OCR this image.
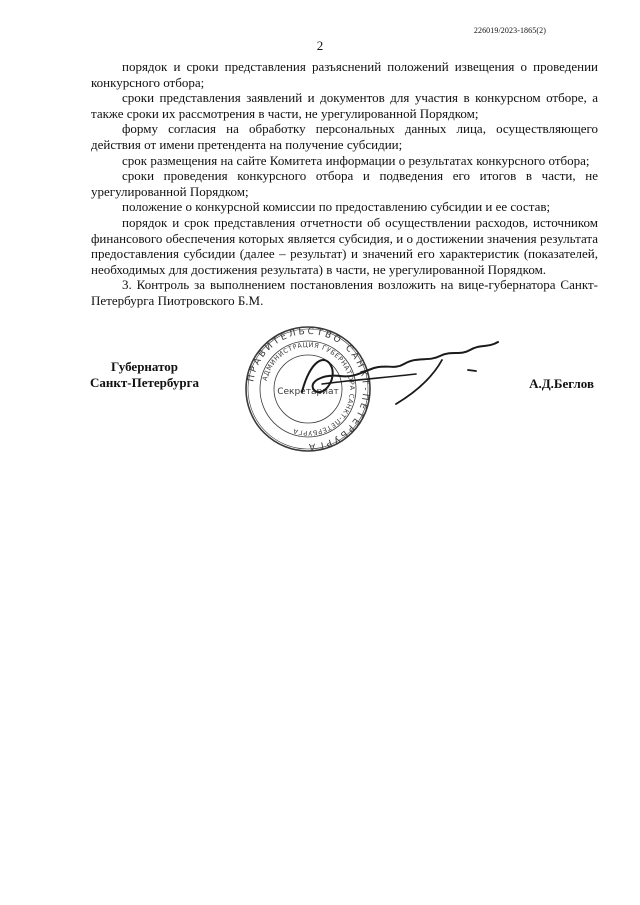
226019/2023-1865(2)
2

порядок и сроки представления разъяснений положений извещения о проведении конкурсного отбора;

сроки представления заявлений и документов для участия в конкурсном отборе, а также сроки их рассмотрения в части, не урегулированной Порядком;

форму согласия на обработку персональных данных лица, осуществляющего действия от имени претендента на получение субсидии;

срок размещения на сайте Комитета информации о результатах конкурсного отбора;

сроки проведения конкурсного отбора и подведения его итогов в части, не урегулированной Порядком;

положение о конкурсной комиссии по предоставлению субсидии и ее состав;

порядок и срок представления отчетности об осуществлении расходов, источником финансового обеспечения которых является субсидия, и о достижении значения результата предоставления субсидии (далее – результат) и значений его характеристик (показателей, необходимых для достижения результата) в части, не урегулированной Порядком.

3. Контроль за выполнением постановления возложить на вице-губернатора Санкт-Петербурга Пиотровского Б.М.

Губернатор
Санкт-Петербурга	ПРАВИТЕЛЬСТВО САНКТ-ПЕТЕРБУРГА
АДМИНИСТРАЦИЯ ГУБЕРНАТОРА САНКТ-ПЕТЕРБУРГА
Секретариат
А.Д.Беглов
